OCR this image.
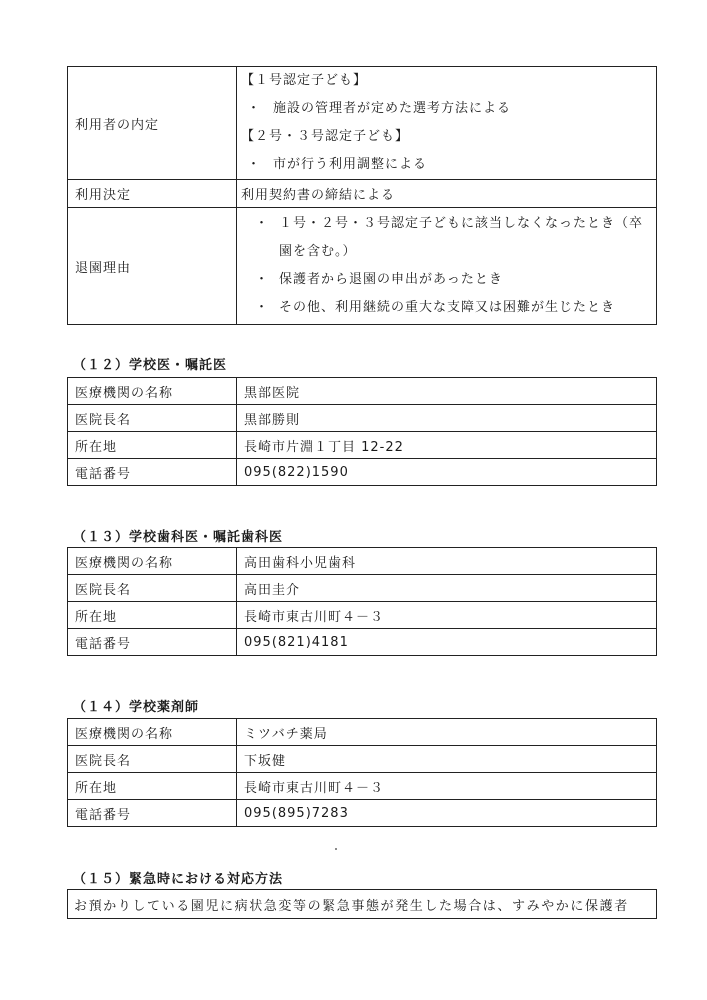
利用者の内定	【１号認定子ども】
・ 施設の管理者が定めた選考方法による
【２号・３号認定子ども】
・ 市が行う利用調整による

利用決定	利用契約書の締結による
退園理由	・ １号・２号・３号認定子どもに該当しなくなったとき（卒
園を含む。）
・ 保護者から退園の申出があったとき
・ その他、利用継続の重大な支障又は困難が生じたとき
（１２）学校医・嘱託医
医療機関の名称	黒部医院
医院長名	黒部勝則
所在地	長崎市片淵１丁目 12-22
電話番号	095(822)1590
（１３）学校歯科医・嘱託歯科医
医療機関の名称	高田歯科小児歯科
医院長名	高田圭介
所在地	長崎市東古川町４－３
電話番号	095(821)4181
（１４）学校薬剤師
医療機関の名称	ミツバチ薬局
医院長名	下坂健
所在地	長崎市東古川町４－３
電話番号	095(895)7283
（１５）緊急時における対応方法
お預かりしている園児に病状急変等の緊急事態が発生した場合は、すみやかに保護者
